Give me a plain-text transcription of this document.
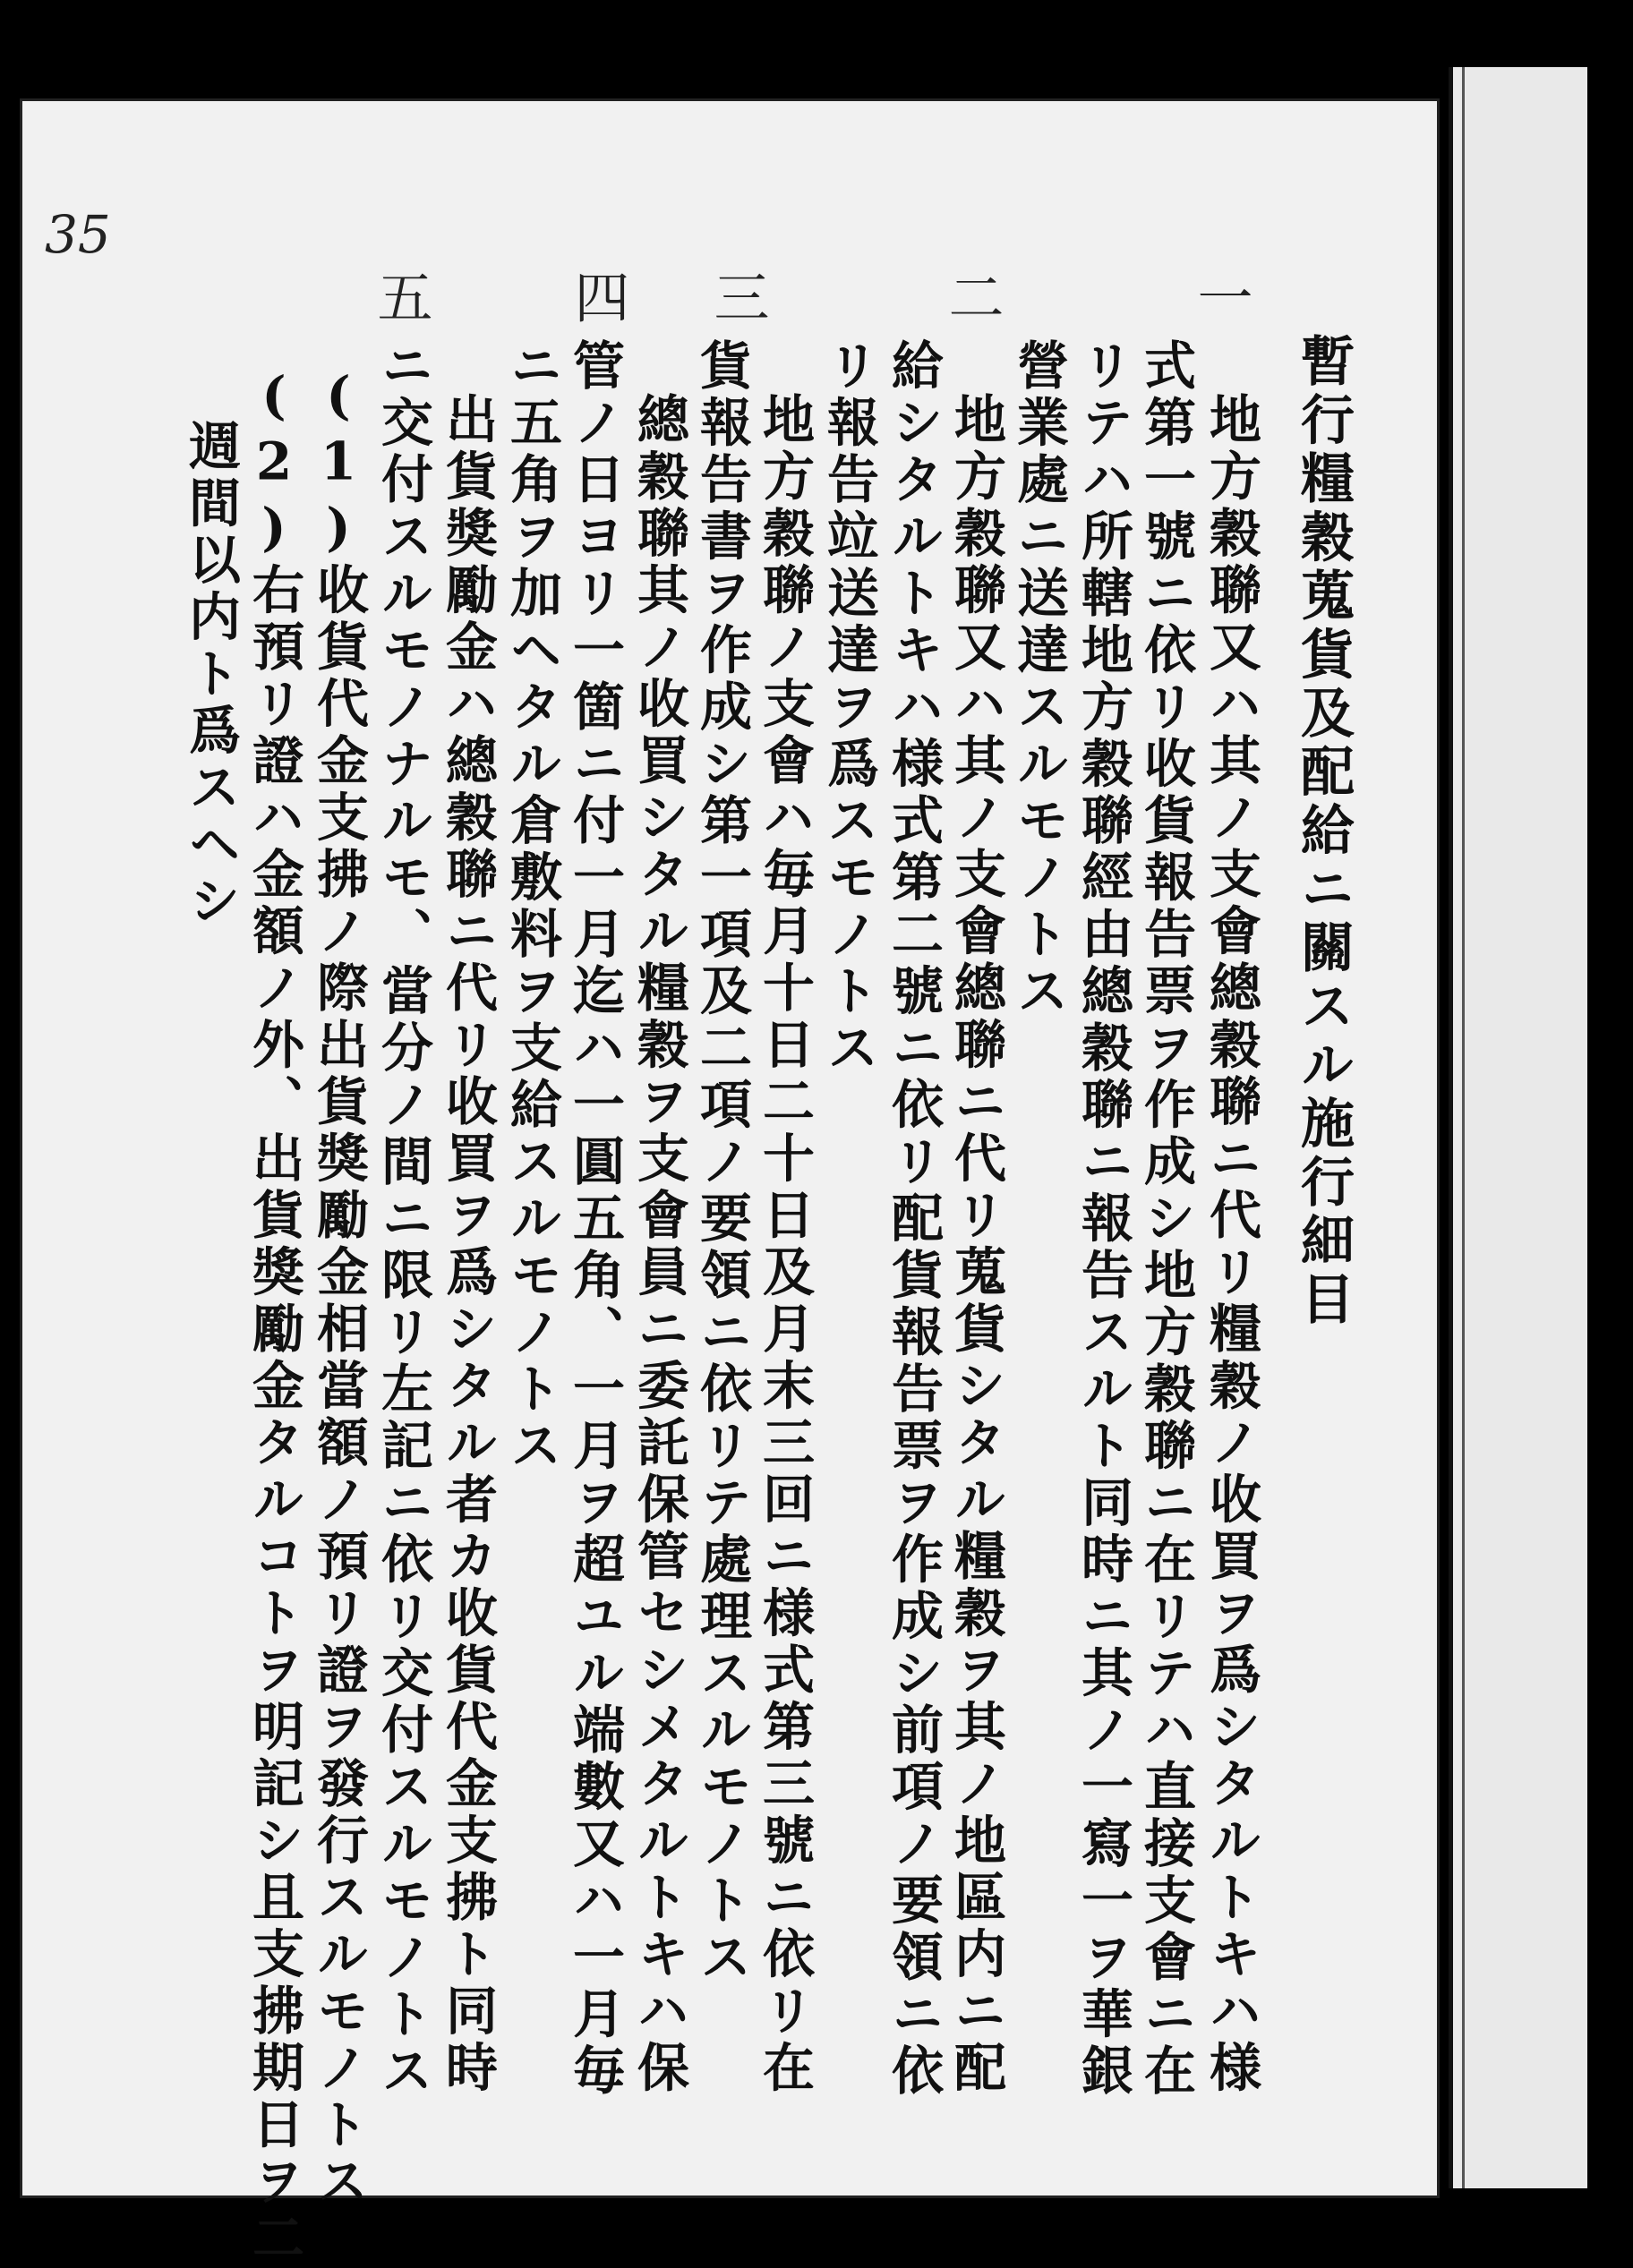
35
暫行糧穀蒐貨及配給ニ關スル施行細目
一
二
三
四
五
地方穀聯又ハ其ノ支會總穀聯ニ代リ糧穀ノ收買ヲ爲シタルトキハ様
式第一號ニ依リ收貨報告票ヲ作成シ地方穀聯ニ在リテハ直接支會ニ在
リテハ所轄地方穀聯經由總穀聯ニ報告スルト同時ニ其ノ一寫一ヲ華銀
營業處ニ送達スルモノトス
地方穀聯又ハ其ノ支會總聯ニ代リ蒐貨シタル糧穀ヲ其ノ地區内ニ配
給シタルトキハ様式第二號ニ依リ配貨報告票ヲ作成シ前項ノ要領ニ依
リ報告竝送達ヲ爲スモノトス
地方穀聯ノ支會ハ毎月十日二十日及月末三回ニ様式第三號ニ依リ在
貨報告書ヲ作成シ第一項及二項ノ要領ニ依リテ處理スルモノトス
總穀聯其ノ收買シタル糧穀ヲ支會員ニ委託保管セシメタルトキハ保
管ノ日ヨリ一箇ニ付一月迄ハ一圓五角、一月ヲ超ユル端數又ハ一月毎
ニ五角ヲ加ヘタル倉敷料ヲ支給スルモノトス
出貨獎勵金ハ總穀聯ニ代リ收買ヲ爲シタル者カ收貨代金支拂ト同時
ニ交付スルモノナルモ、當分ノ間ニ限リ左記ニ依リ交付スルモノトス
(1)收貨代金支拂ノ際出貨獎勵金相當額ノ預リ證ヲ發行スルモノトス
(2)右預リ證ハ金額ノ外、出貨獎勵金タルコトヲ明記シ且支拂期日ヲ二
週間以内ト爲スヘシ
